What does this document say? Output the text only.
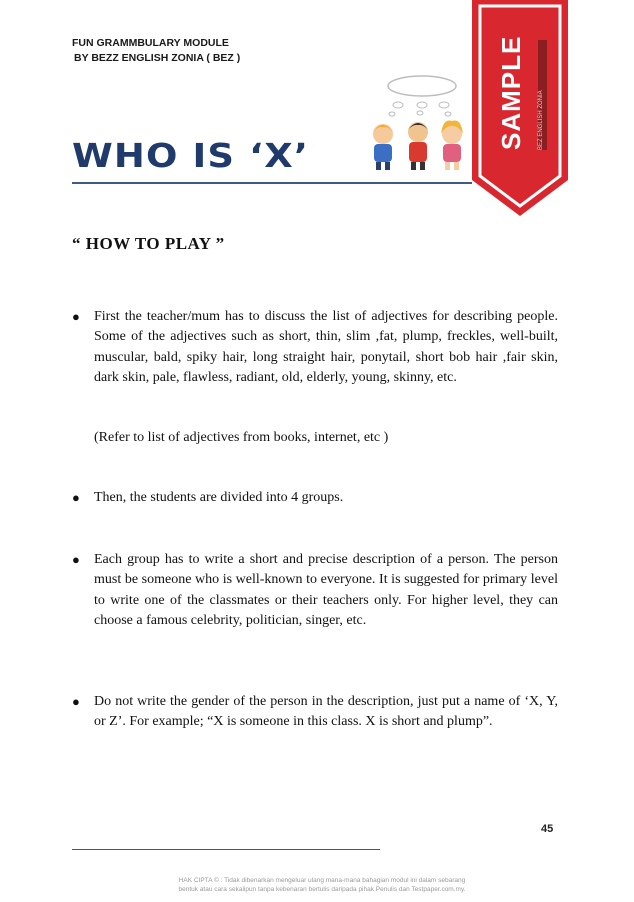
FUN GRAMMBULARY MODULE
BY BEZZ ENGLISH ZONIA ( BEZ )	SAMPLE BEZ ENGLISH ZONIA
WHO IS ‘X’
“ HOW TO PLAY ”
● First the teacher/mum has to discuss the list of adjectives for describing people. Some of the adjectives such as short, thin, slim ,fat, plump, freckles, well-built, muscular, bald, spiky hair, long straight hair, ponytail, short bob hair ,fair skin, dark skin, pale, flawless, radiant, old, elderly, young, skinny, etc.
(Refer to list of adjectives from books, internet, etc )
● Then, the students are divided into 4 groups.
● Each group has to write a short and precise description of a person. The person must be someone who is well-known to everyone. It is suggested for primary level to write one of the classmates or their teachers only. For higher level, they can choose a famous celebrity, politician, singer, etc.
● Do not write the gender of the person in the description, just put a name of ‘X, Y, or Z’. For example; “X is someone in this class. X is short and plump”.
45
HAK CIPTA © : Tidak dibenarkan mengeluar ulang mana-mana bahagian modul ini dalam sebarang
bentuk atau cara sekalipun tanpa kebenaran bertulis daripada pihak Penulis dan Testpaper.com.my.
